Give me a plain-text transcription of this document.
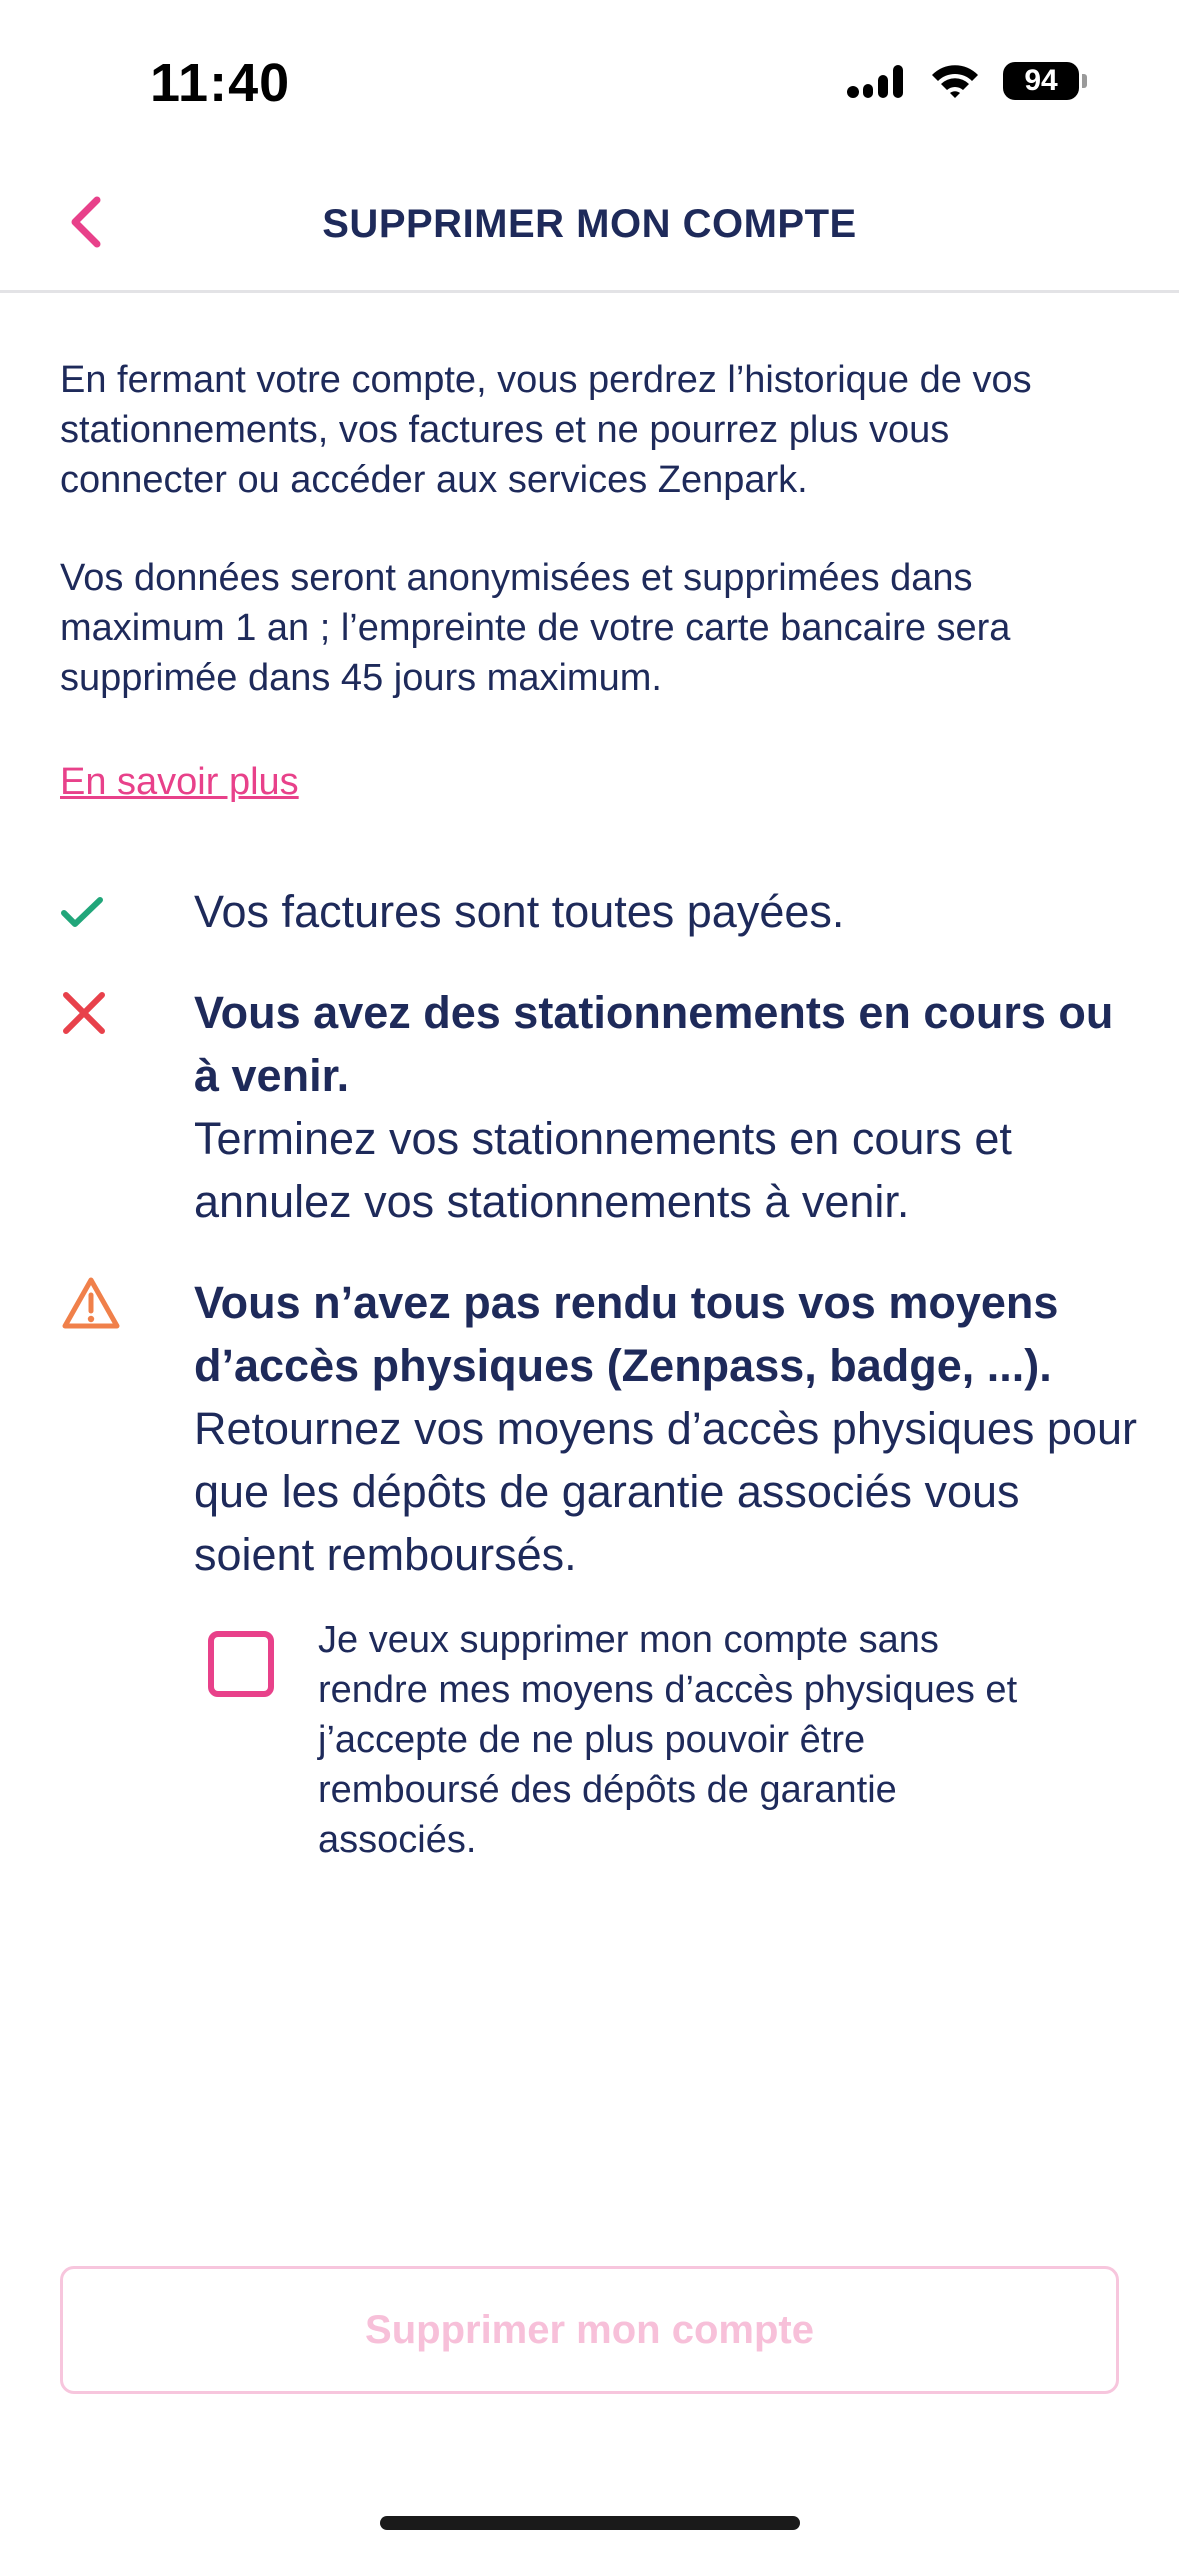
11:40	94
SUPPRIMER MON COMPTE

En fermant votre compte, vous perdrez l’historique de vos stationnements, vos factures et ne pourrez plus vous connecter ou accéder aux services Zenpark.

Vos données seront anonymisées et supprimées dans maximum 1 an ; l’empreinte de votre carte bancaire sera supprimée dans 45 jours maximum.

En savoir plus
Vos factures sont toutes payées.
Vous avez des stationnements en cours ou à venir.
Terminez vos stationnements en cours et annulez vos stationnements à venir.
Vous n’avez pas rendu tous vos moyens d’accès physiques (Zenpass, badge, ...).
Retournez vos moyens d’accès physiques pour que les dépôts de garantie associés vous soient remboursés.
Je veux supprimer mon compte sans rendre mes moyens d’accès physiques et j’accepte de ne plus pouvoir être remboursé des dépôts de garantie associés.
Supprimer mon compte
